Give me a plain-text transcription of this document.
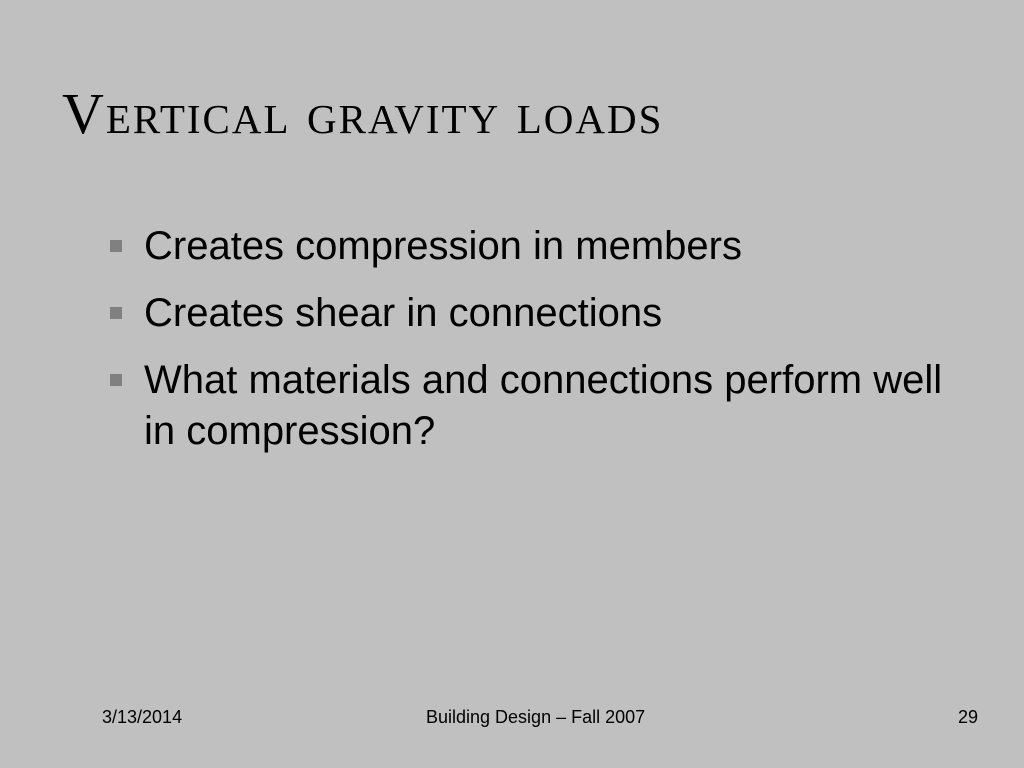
Vertical gravity loads
Creates compression in members
Creates shear in connections
What materials and connections perform well in compression?
3/13/2014	Building Design – Fall 2007	29
